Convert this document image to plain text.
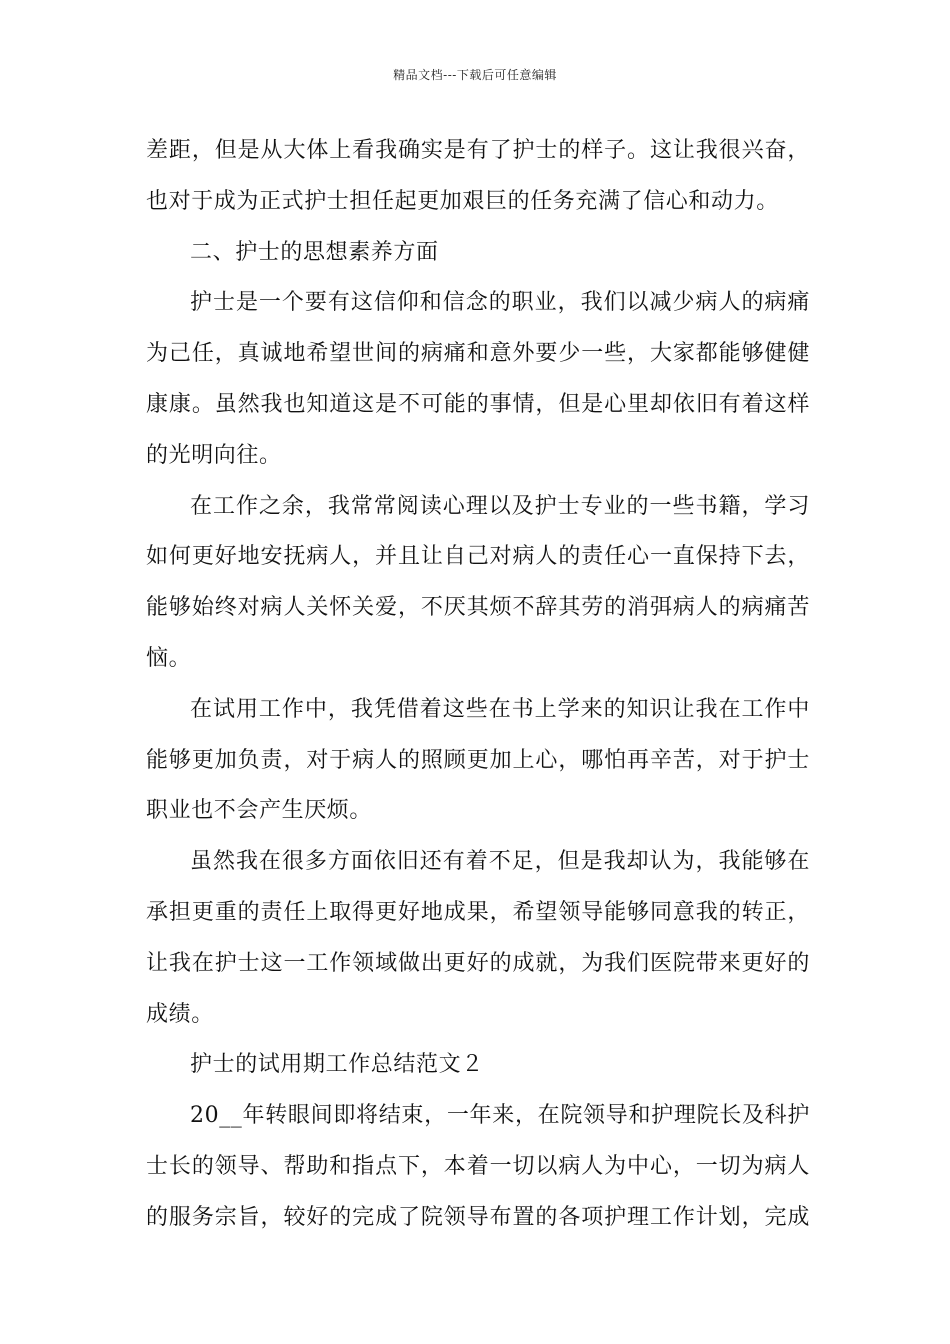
精品文档---下载后可任意编辑
差距，但是从大体上看我确实是有了护士的样子。这让我很兴奋，
也对于成为正式护士担任起更加艰巨的任务充满了信心和动力。
二、护士的思想素养方面
护士是一个要有这信仰和信念的职业，我们以减少病人的病痛
为己任，真诚地希望世间的病痛和意外要少一些，大家都能够健健
康康。虽然我也知道这是不可能的事情，但是心里却依旧有着这样
的光明向往。
在工作之余，我常常阅读心理以及护士专业的一些书籍，学习
如何更好地安抚病人，并且让自己对病人的责任心一直保持下去，
能够始终对病人关怀关爱，不厌其烦不辞其劳的消弭病人的病痛苦
恼。
在试用工作中，我凭借着这些在书上学来的知识让我在工作中
能够更加负责，对于病人的照顾更加上心，哪怕再辛苦，对于护士
职业也不会产生厌烦。
虽然我在很多方面依旧还有着不足，但是我却认为，我能够在
承担更重的责任上取得更好地成果，希望领导能够同意我的转正，
让我在护士这一工作领域做出更好的成就，为我们医院带来更好的
成绩。
护士的试用期工作总结范文２
20__年转眼间即将结束，一年来，在院领导和护理院长及科护
士长的领导、帮助和指点下，本着一切以病人为中心，一切为病人
的服务宗旨，较好的完成了院领导布置的各项护理工作计划，完成
